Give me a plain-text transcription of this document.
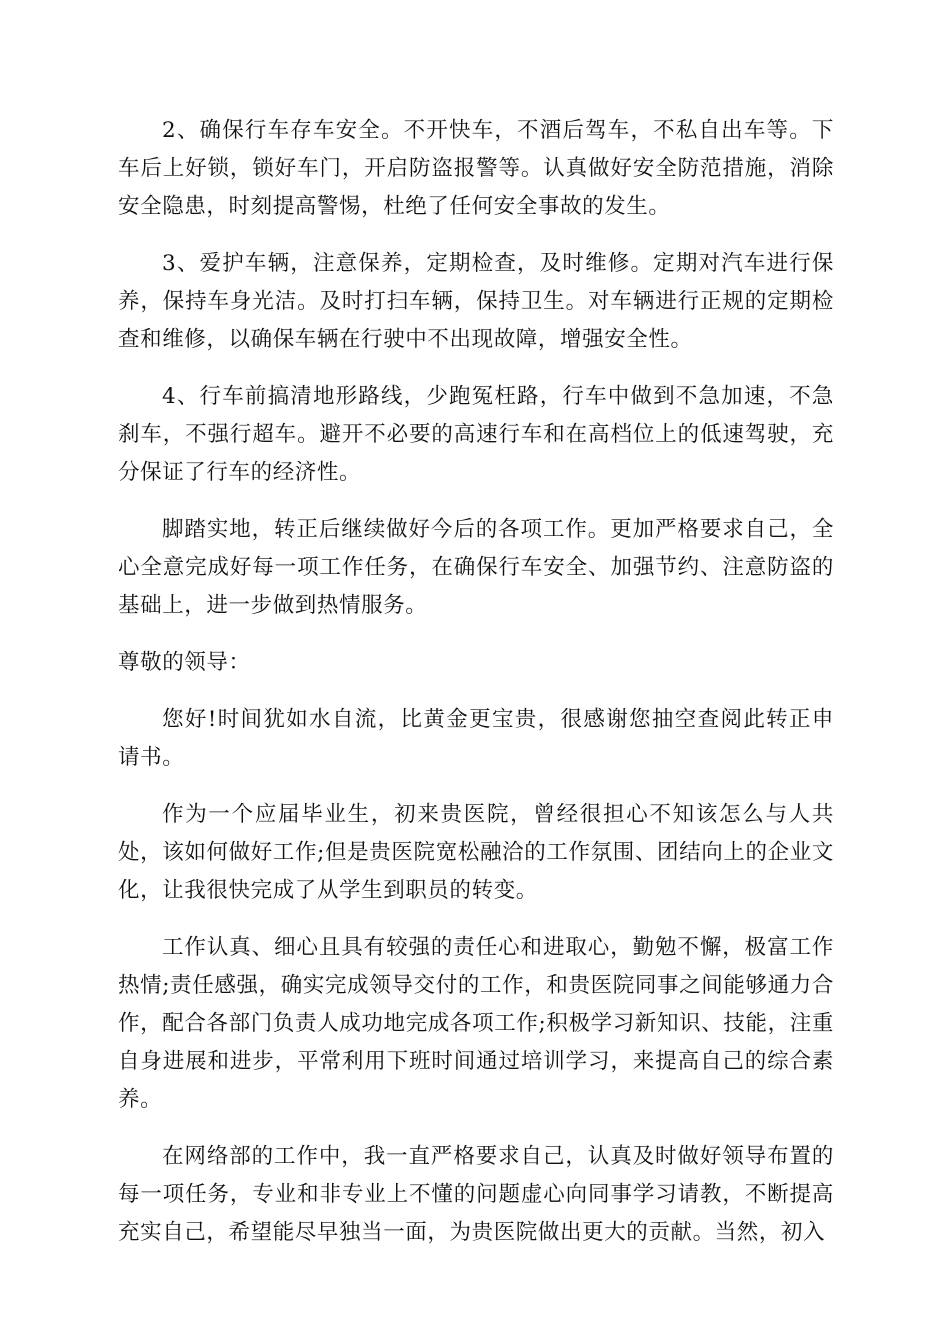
2、确保行车存车安全。不开快车，不酒后驾车，不私自出车等。下车后上好锁，锁好车门，开启防盗报警等。认真做好安全防范措施，消除安全隐患，时刻提高警惕，杜绝了任何安全事故的发生。

3、爱护车辆，注意保养，定期检查，及时维修。定期对汽车进行保养，保持车身光洁。及时打扫车辆，保持卫生。对车辆进行正规的定期检查和维修，以确保车辆在行驶中不出现故障，增强安全性。

4、行车前搞清地形路线，少跑冤枉路，行车中做到不急加速，不急刹车，不强行超车。避开不必要的高速行车和在高档位上的低速驾驶，充分保证了行车的经济性。

脚踏实地，转正后继续做好今后的各项工作。更加严格要求自己，全心全意完成好每一项工作任务，在确保行车安全、加强节约、注意防盗的基础上，进一步做到热情服务。

尊敬的领导：

您好!时间犹如水自流，比黄金更宝贵，很感谢您抽空查阅此转正申请书。

作为一个应届毕业生，初来贵医院，曾经很担心不知该怎么与人共处，该如何做好工作;但是贵医院宽松融洽的工作氛围、团结向上的企业文化，让我很快完成了从学生到职员的转变。

工作认真、细心且具有较强的责任心和进取心，勤勉不懈，极富工作热情;责任感强，确实完成领导交付的工作，和贵医院同事之间能够通力合作，配合各部门负责人成功地完成各项工作;积极学习新知识、技能，注重自身进展和进步，平常利用下班时间通过培训学习，来提高自己的综合素养。

在网络部的工作中，我一直严格要求自己，认真及时做好领导布置的每一项任务，专业和非专业上不懂的问题虚心向同事学习请教，不断提高充实自己，希望能尽早独当一面，为贵医院做出更大的贡献。当然，初入
